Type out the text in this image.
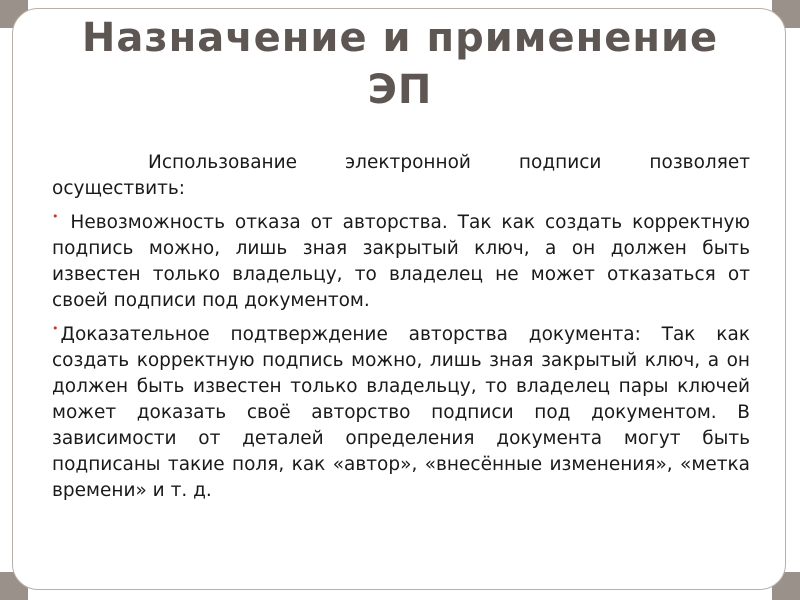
Назначение и применение
ЭП

Использование электронной подписи позволяет осуществить:

• Невозможность отказа от авторства. Так как создать корректную подпись можно, лишь зная закрытый ключ, а он должен быть известен только владельцу, то владелец не может отказаться от своей подписи под документом.

• Доказательное подтверждение авторства документа: Так как создать корректную подпись можно, лишь зная закрытый ключ, а он должен быть известен только владельцу, то владелец пары ключей может доказать своё авторство подписи под документом. В зависимости от деталей определения документа могут быть подписаны такие поля, как «автор», «внесённые изменения», «метка времени» и т. д.
